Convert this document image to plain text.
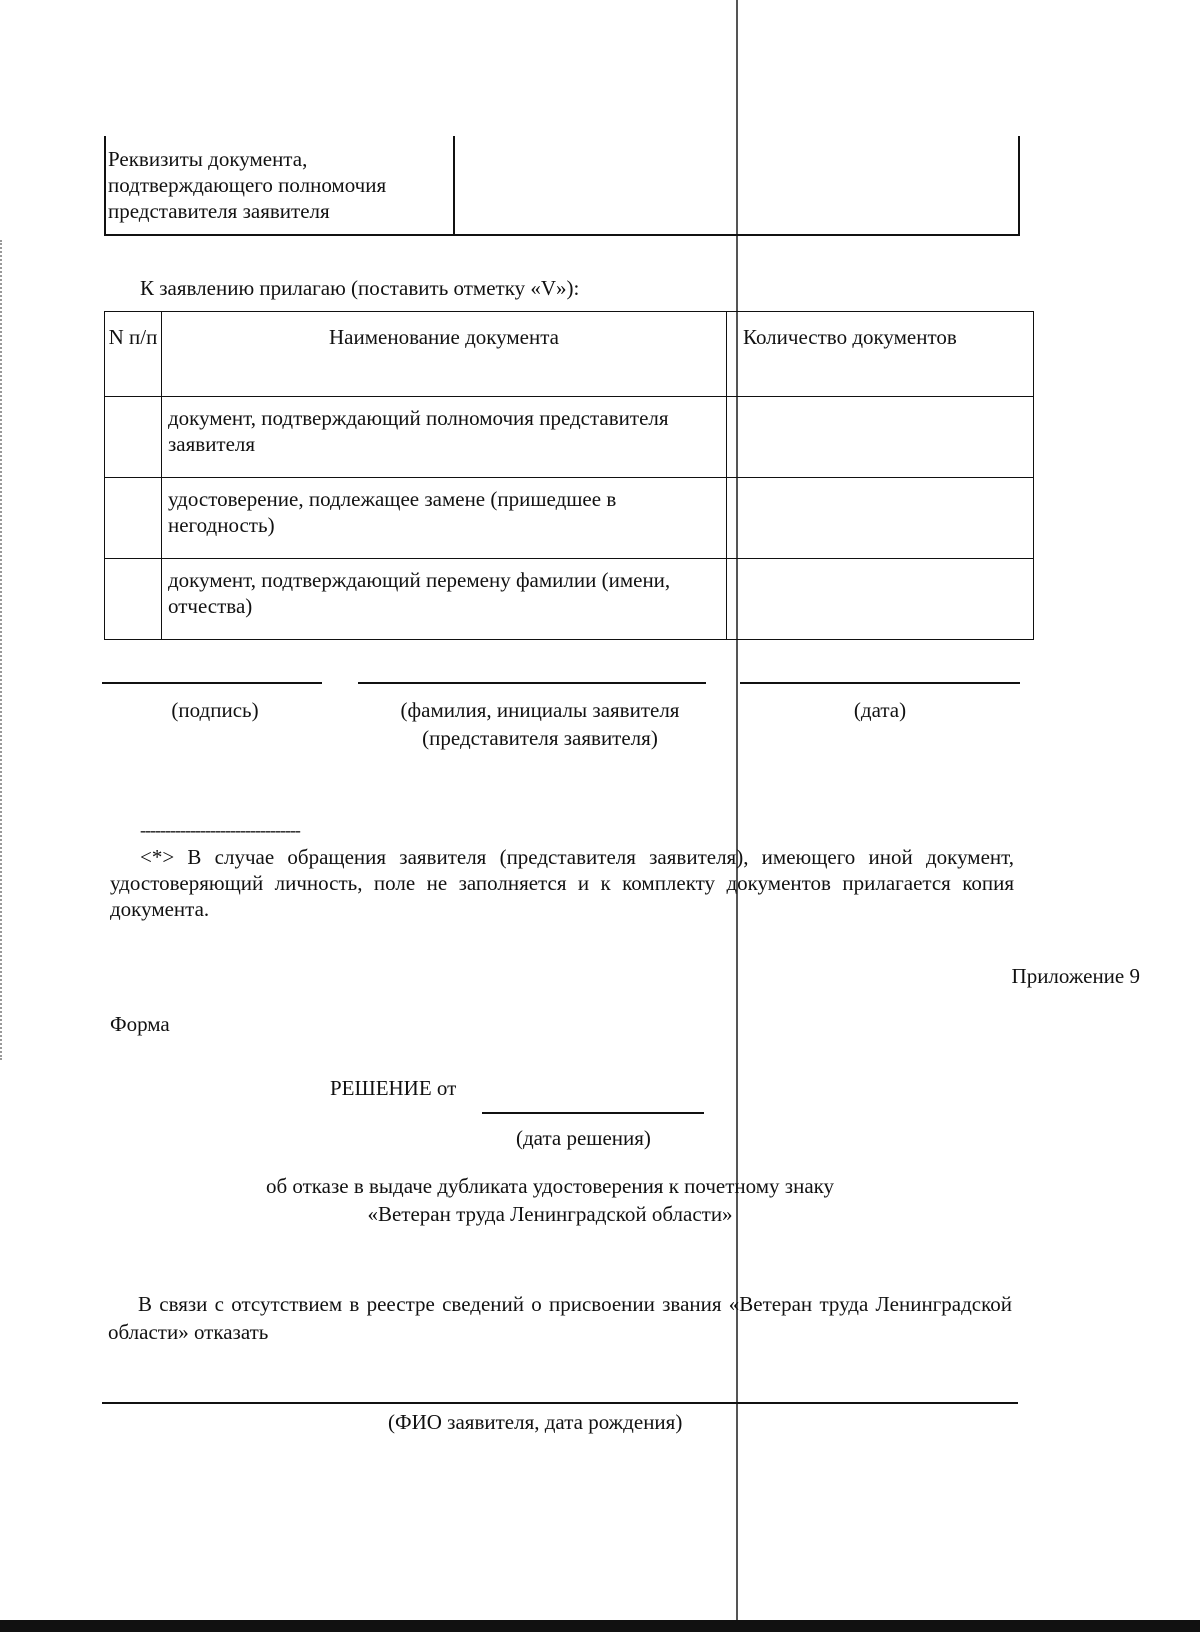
Реквизиты документа, подтверждающего полномочия представителя заявителя
К заявлению прилагаю (поставить отметку «V»):
N п/п	Наименование документа	Количество документов
	документ, подтверждающий полномочия представителя заявителя	
	удостоверение, подлежащее замене (пришедшее в негодность)	
	документ, подтверждающий перемену фамилии (имени, отчества)	
(подпись)	(фамилия, инициалы заявителя
(представителя заявителя)
(дата)
--------------------------------
<*> В случае обращения заявителя (представителя заявителя), имеющего иной документ, удостоверяющий личность, поле не заполняется и к комплекту документов прилагается копия документа.
Приложение 9
Форма
РЕШЕНИЕ от
(дата решения)
об отказе в выдаче дубликата удостоверения к почетному знаку
«Ветеран труда Ленинградской области»
В связи с отсутствием в реестре сведений о присвоении звания «Ветеран труда Ленинградской области» отказать
(ФИО заявителя, дата рождения)
